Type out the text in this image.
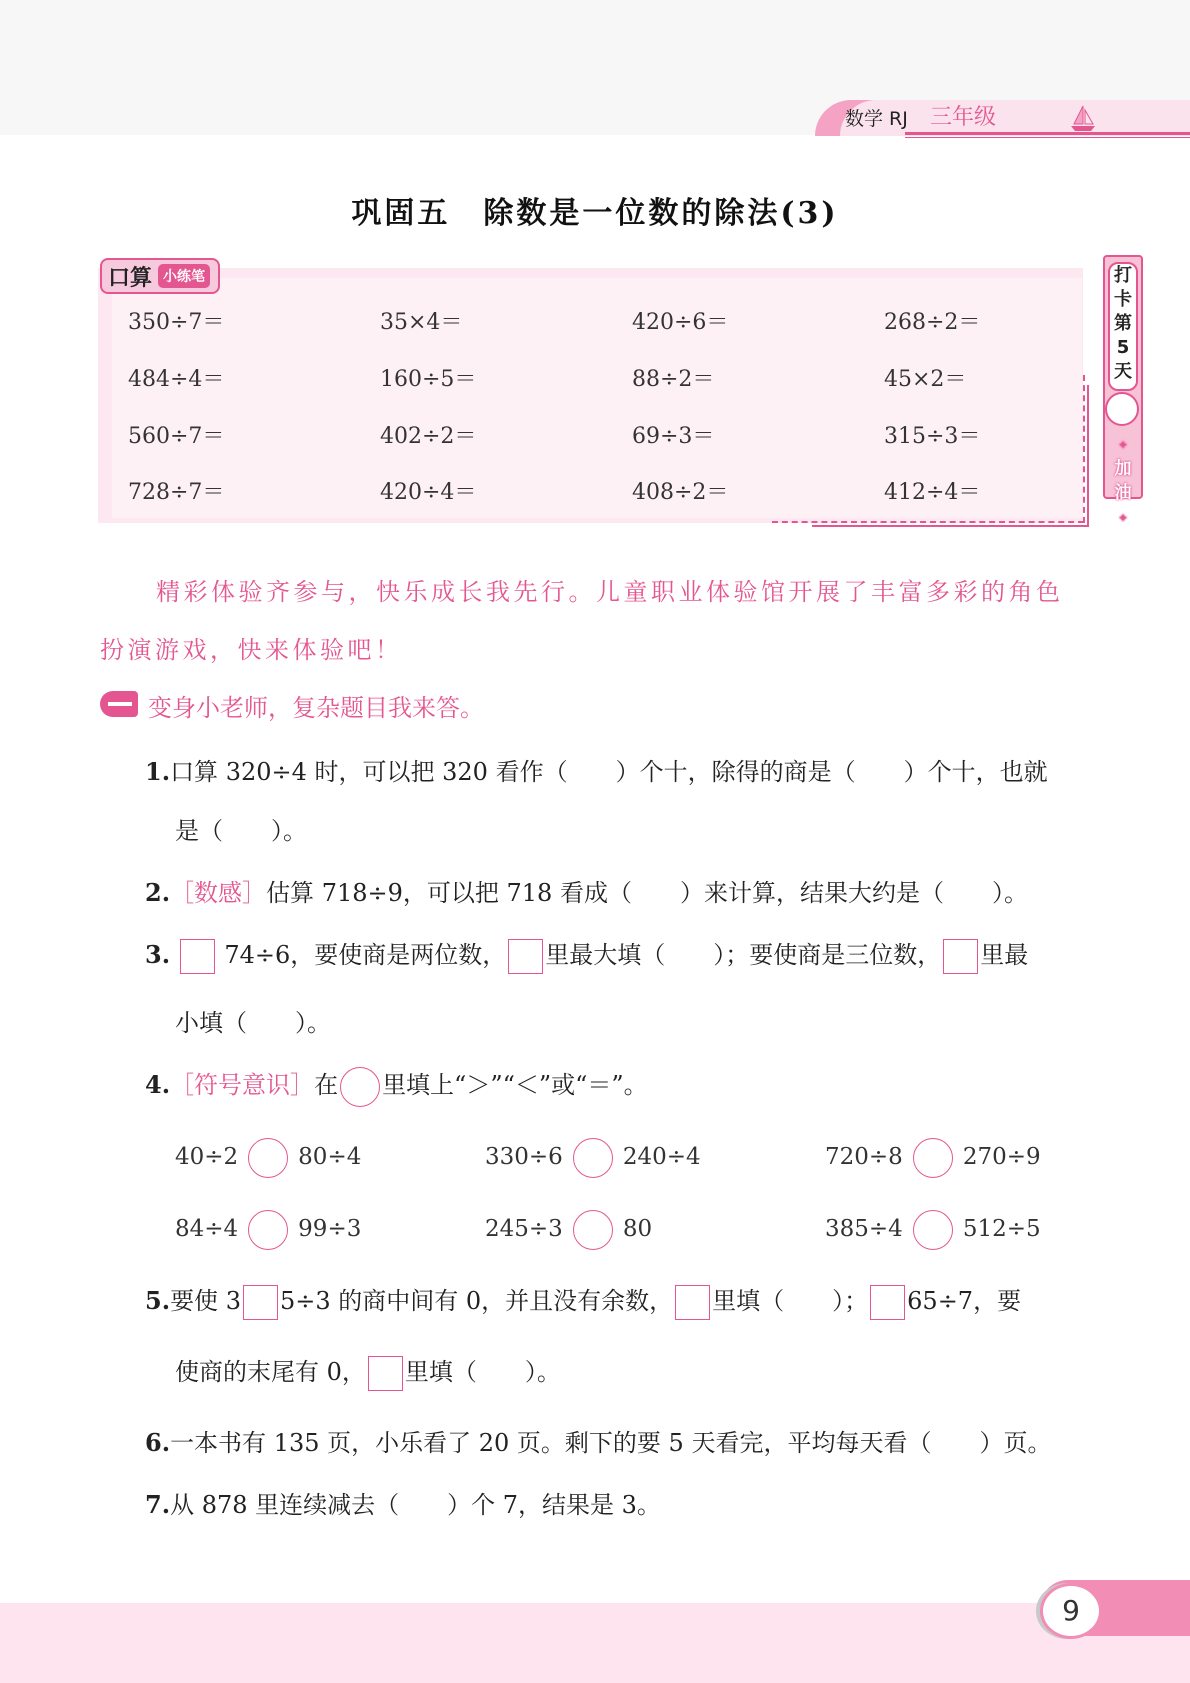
数学 RJ 三年级
巩固五　除数是一位数的除法(3)
口算 小练笔
350÷7＝	35×4＝	420÷6＝	268÷2＝
484÷4＝	160÷5＝	88÷2＝	45×2＝
560÷7＝	402÷2＝	69÷3＝	315÷3＝
728÷7＝	420÷4＝	408÷2＝	412÷4＝
打
卡
第
5
天
✦
加
油
✦
精彩体验齐参与，快乐成长我先行。儿童职业体验馆开展了丰富多彩的角色扮演游戏，快来体验吧！
变身小老师，复杂题目我来答。
1.口算 320÷4 时，可以把 320 看作（　　）个十，除得的商是（　　）个十，也就
是（　　）。
2.［数感］估算 718÷9，可以把 718 看成（　　）来计算，结果大约是（　　）。
3. 74÷6，要使商是两位数， 里最大填（　　）；要使商是三位数， 里最
小填（　　）。
4.［符号意识］在 里填上“＞”“＜”或“＝”。
40÷2	80÷4	330÷6	240÷4	720÷8	270÷9
84÷4	99÷3	245÷3	80	385÷4	512÷5
5.要使 3 5÷3 的商中间有 0，并且没有余数， 里填（　　）； 65÷7，要
使商的末尾有 0， 里填（　　）。
6.一本书有 135 页，小乐看了 20 页。剩下的要 5 天看完，平均每天看（　　）页。
7.从 878 里连续减去（　　）个 7，结果是 3。
9
